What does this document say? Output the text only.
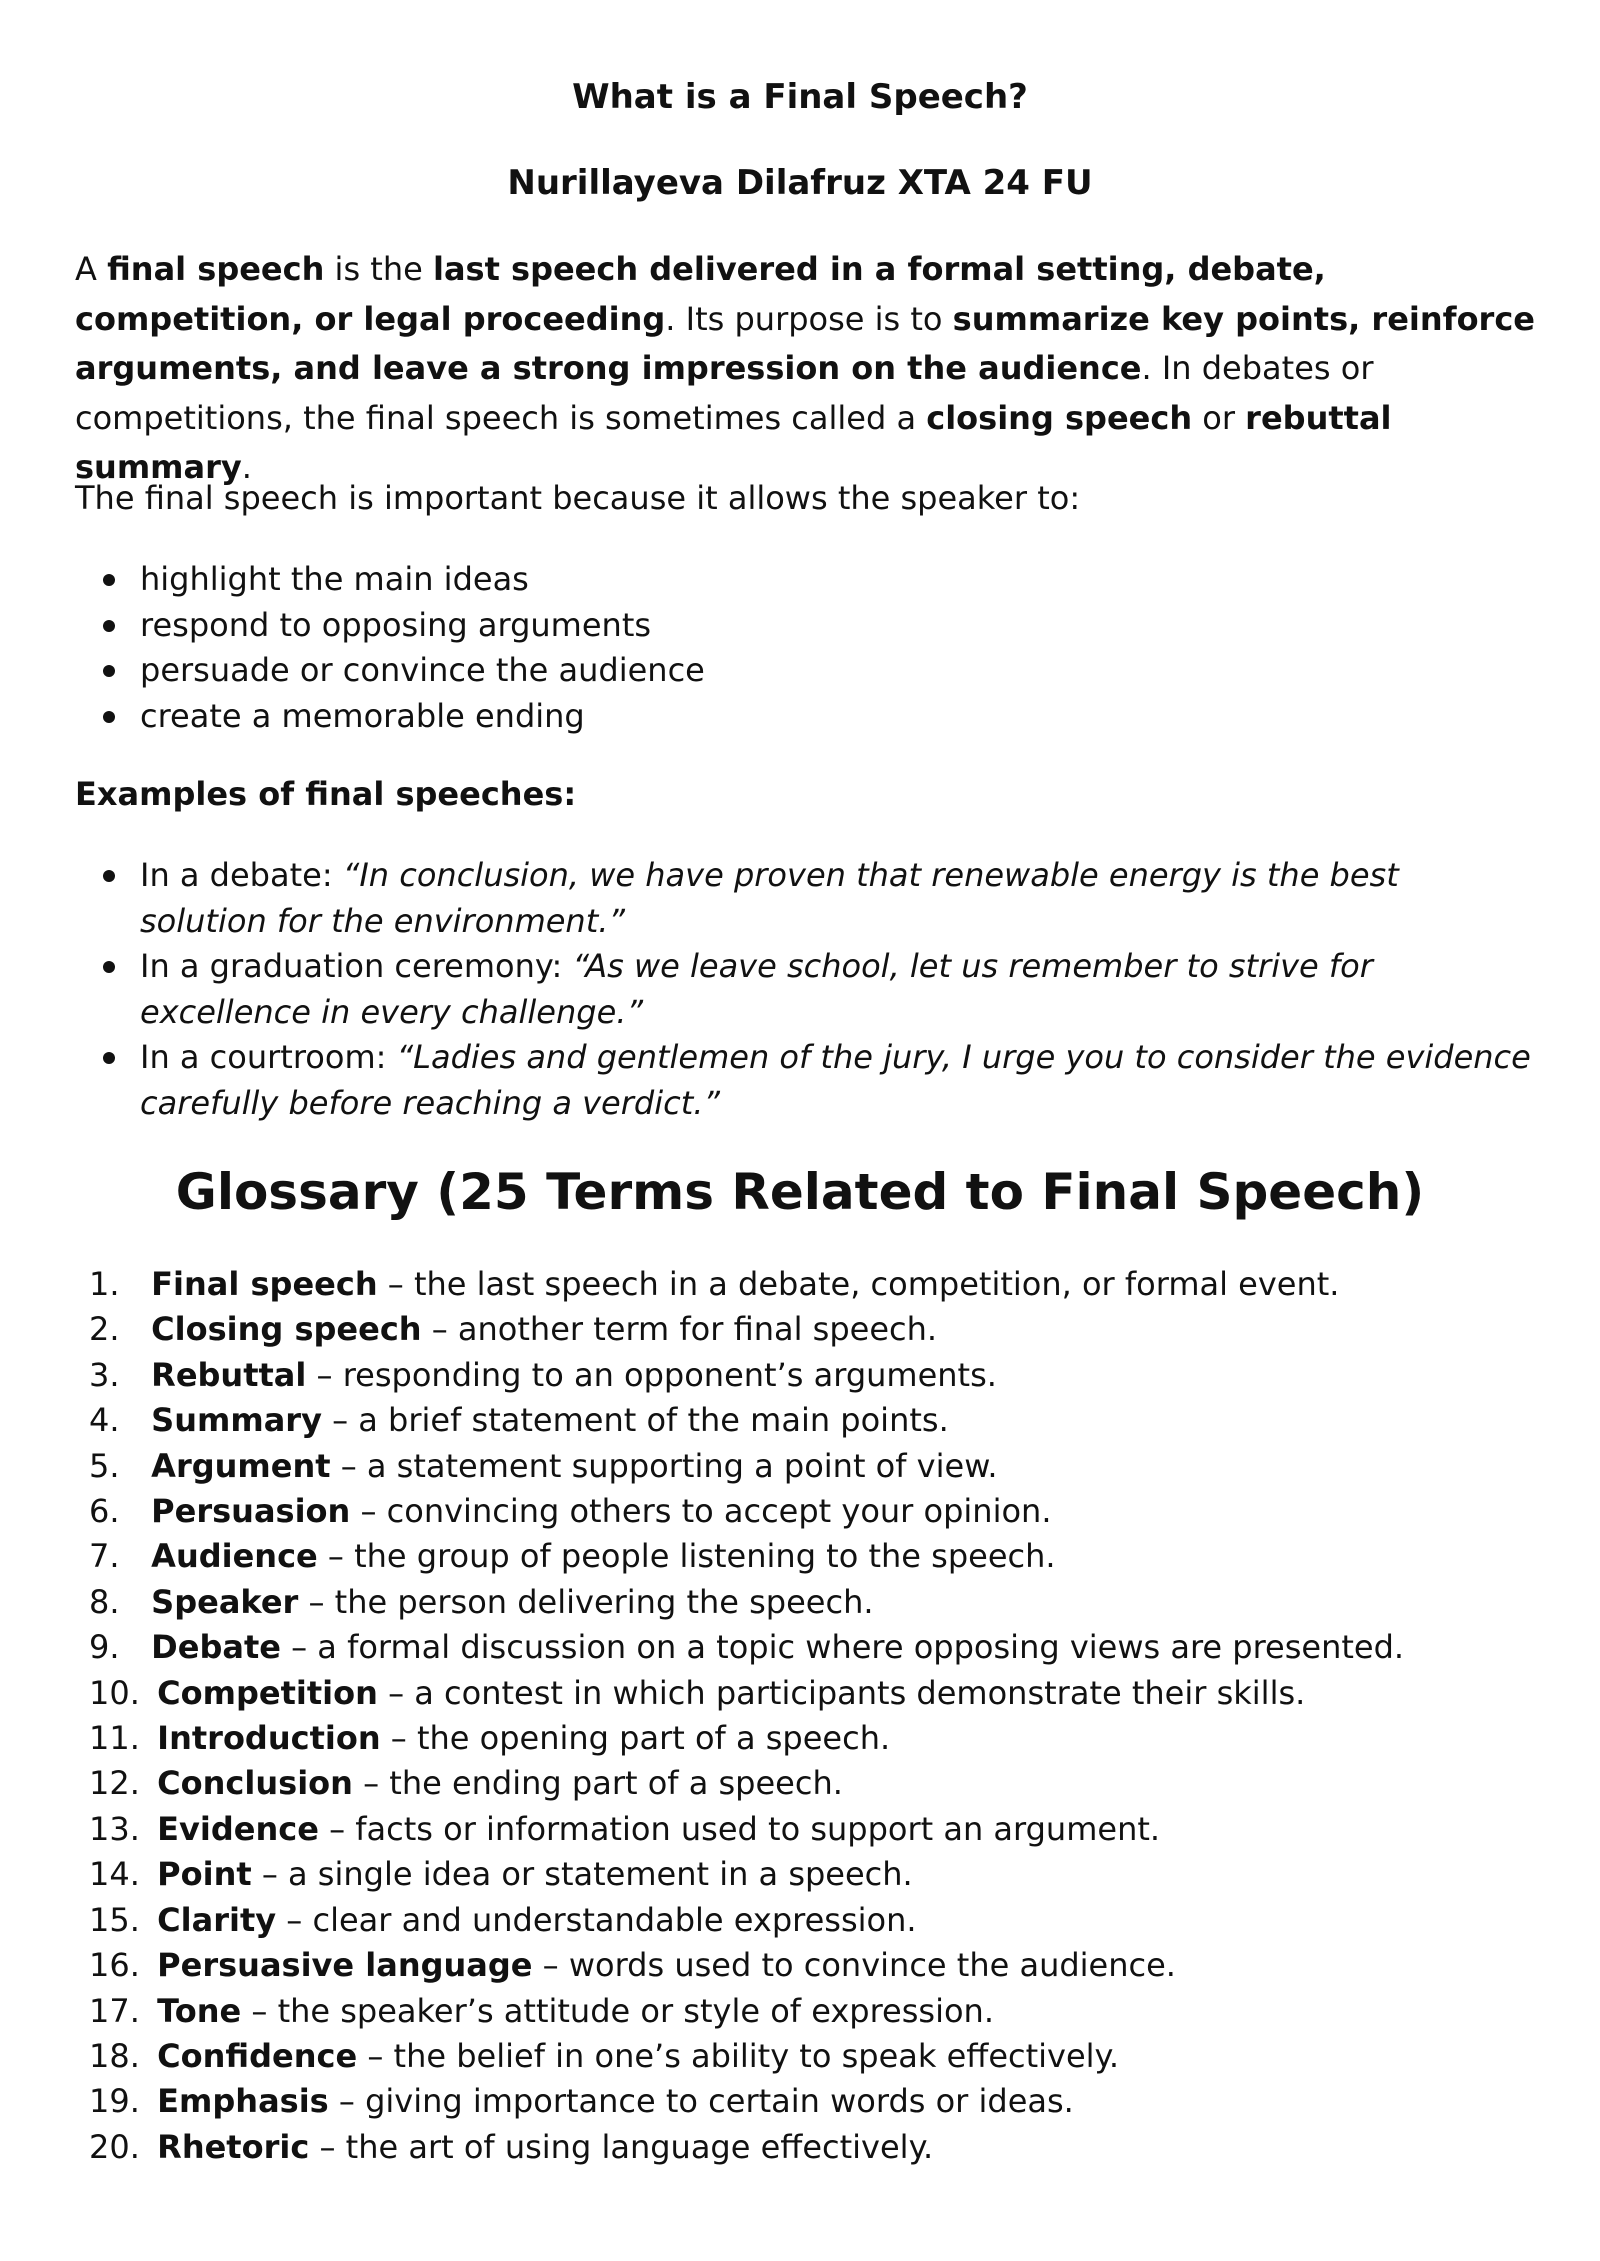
What is a Final Speech?
Nurillayeva Dilafruz XTA 24 FU

A final speech is the last speech delivered in a formal setting, debate, competition, or legal proceeding. Its purpose is to summarize key points, reinforce arguments, and leave a strong impression on the audience. In debates or competitions, the final speech is sometimes called a closing speech or rebuttal summary.

The final speech is important because it allows the speaker to:

highlight the main ideas
respond to opposing arguments
persuade or convince the audience
create a memorable ending

Examples of final speeches:

In a debate: “In conclusion, we have proven that renewable energy is the best solution for the environment.”
In a graduation ceremony: “As we leave school, let us remember to strive for excellence in every challenge.”
In a courtroom: “Ladies and gentlemen of the jury, I urge you to consider the evidence carefully before reaching a verdict.”
Glossary (25 Terms Related to Final Speech)
1. Final speech – the last speech in a debate, competition, or formal event.
2. Closing speech – another term for final speech.
3. Rebuttal – responding to an opponent’s arguments.
4. Summary – a brief statement of the main points.
5. Argument – a statement supporting a point of view.
6. Persuasion – convincing others to accept your opinion.
7. Audience – the group of people listening to the speech.
8. Speaker – the person delivering the speech.
9. Debate – a formal discussion on a topic where opposing views are presented.
10. Competition – a contest in which participants demonstrate their skills.
11. Introduction – the opening part of a speech.
12. Conclusion – the ending part of a speech.
13. Evidence – facts or information used to support an argument.
14. Point – a single idea or statement in a speech.
15. Clarity – clear and understandable expression.
16. Persuasive language – words used to convince the audience.
17. Tone – the speaker’s attitude or style of expression.
18. Confidence – the belief in one’s ability to speak effectively.
19. Emphasis – giving importance to certain words or ideas.
20. Rhetoric – the art of using language effectively.
